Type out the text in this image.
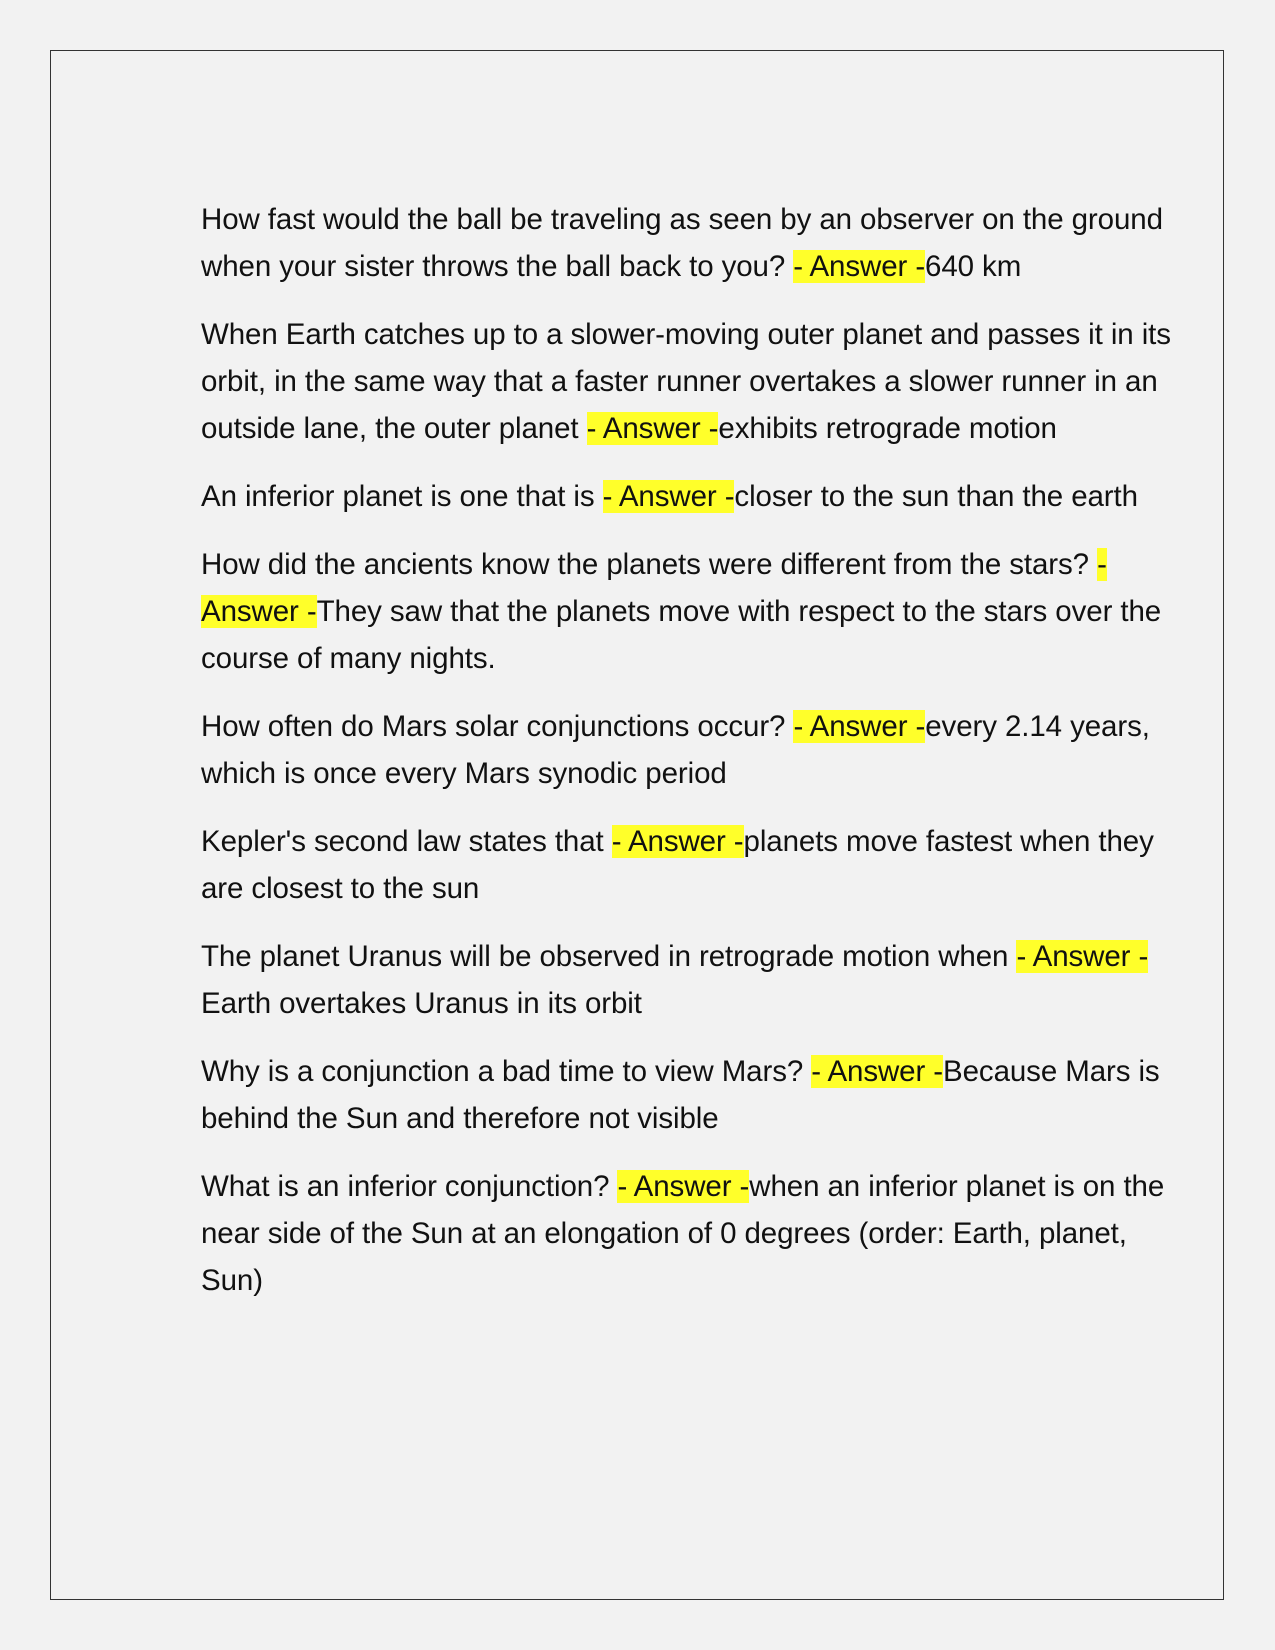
How fast would the ball be traveling as seen by an observer on the ground when your sister throws the ball back to you? - Answer -640 km

When Earth catches up to a slower-moving outer planet and passes it in its orbit, in the same way that a faster runner overtakes a slower runner in an outside lane, the outer planet - Answer -exhibits retrograde motion

An inferior planet is one that is - Answer -closer to the sun than the earth

How did the ancients know the planets were different from the stars? - Answer -They saw that the planets move with respect to the stars over the course of many nights.

How often do Mars solar conjunctions occur? - Answer -every 2.14 years, which is once every Mars synodic period

Kepler's second law states that - Answer -planets move fastest when they are closest to the sun

The planet Uranus will be observed in retrograde motion when - Answer -Earth overtakes Uranus in its orbit

Why is a conjunction a bad time to view Mars? - Answer -Because Mars is behind the Sun and therefore not visible

What is an inferior conjunction? - Answer -when an inferior planet is on the near side of the Sun at an elongation of 0 degrees (order: Earth, planet, Sun)
